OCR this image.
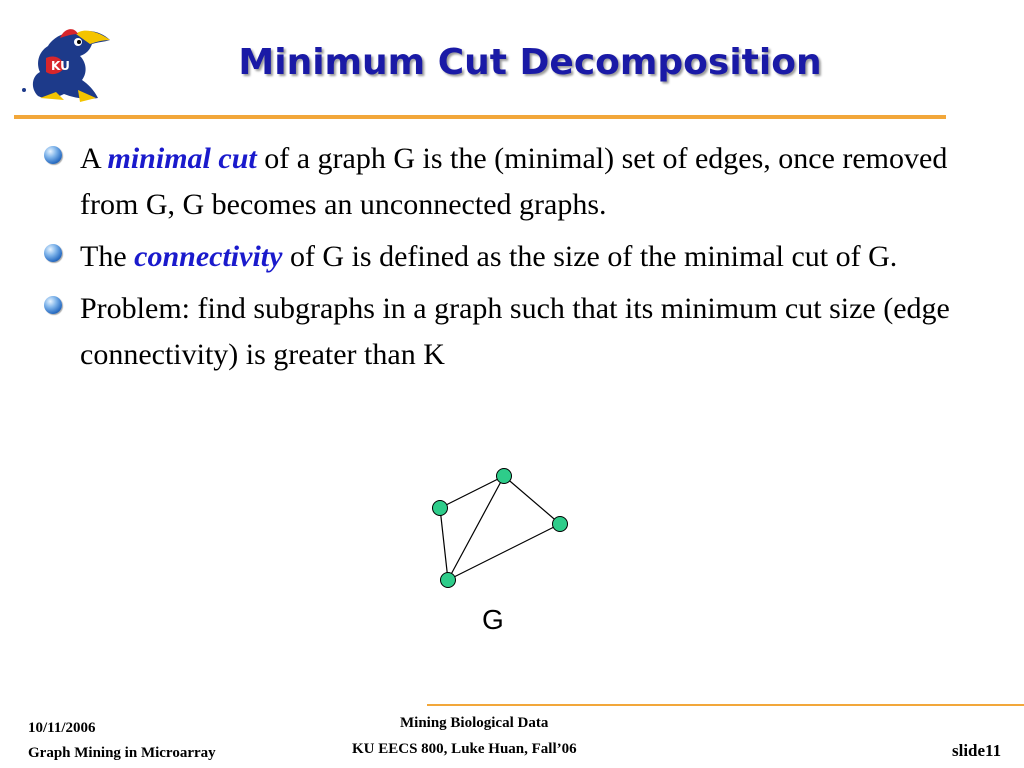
KU	Minimum Cut Decomposition
A minimal cut of a graph G is the (minimal) set of edges, once removed from G, G becomes an unconnected graphs.
The connectivity of G is defined as the size of the minimal cut of G.
Problem: find subgraphs in a graph such that its minimum cut size (edge connectivity) is greater than K
G
10/11/2006
Graph Mining in Microarray
Mining Biological Data
KU EECS 800, Luke Huan, Fall’06	slide11
